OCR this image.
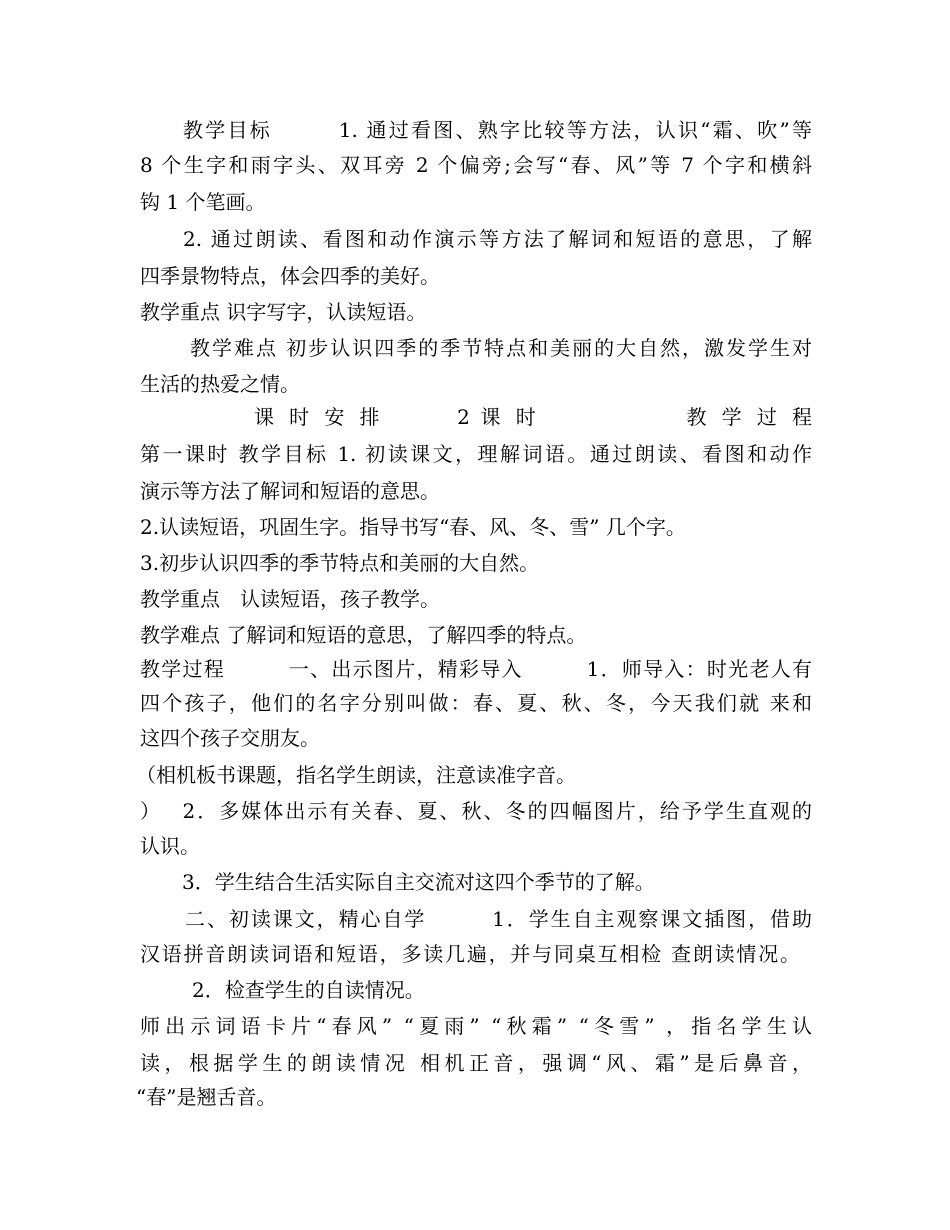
教学目标　　　1. 通过看图、熟字比较等方法，认识“霜、吹”等
8 个生字和雨字头、双耳旁 2 个偏旁;会写“春、风”等 7 个字和横斜
钩 1 个笔画。
2. 通过朗读、看图和动作演示等方法了解词和短语的意思，了解
四季景物特点，体会四季的美好。
教学重点 识字写字，认读短语。
教学难点 初步认识四季的季节特点和美丽的大自然，激发学生对
生活的热爱之情。
课 时 安 排　　　2 课 时　　　　　　教 学 过 程
第一课时 教学目标 1. 初读课文，理解词语。通过朗读、看图和动作
演示等方法了解词和短语的意思。
2.认读短语，巩固生字。指导书写“春、风、冬、雪” 几个字。
3.初步认识四季的季节特点和美丽的大自然。
教学重点　认读短语，孩子教学。
教学难点 了解词和短语的意思，了解四季的特点。
教学过程　　　一、出示图片，精彩导入　　　1．师导入：时光老人有
四个孩子，他们的名字分别叫做：春、夏、秋、冬，今天我们就 来和
这四个孩子交朋友。
（相机板书课题，指名学生朗读，注意读准字音。
）　 2．多媒体出示有关春、夏、秋、冬的四幅图片，给予学生直观的
认识。
3．学生结合生活实际自主交流对这四个季节的了解。
二、初读课文，精心自学　　　1．学生自主观察课文插图，借助
汉语拼音朗读词语和短语，多读几遍，并与同桌互相检 查朗读情况。
2．检查学生的自读情况。
师出示词语卡片“春风” “夏雨” “秋霜” “冬雪” ，指名学生认
读，根据学生的朗读情况 相机正音，强调“风、霜”是后鼻音，
“春”是翘舌音。
